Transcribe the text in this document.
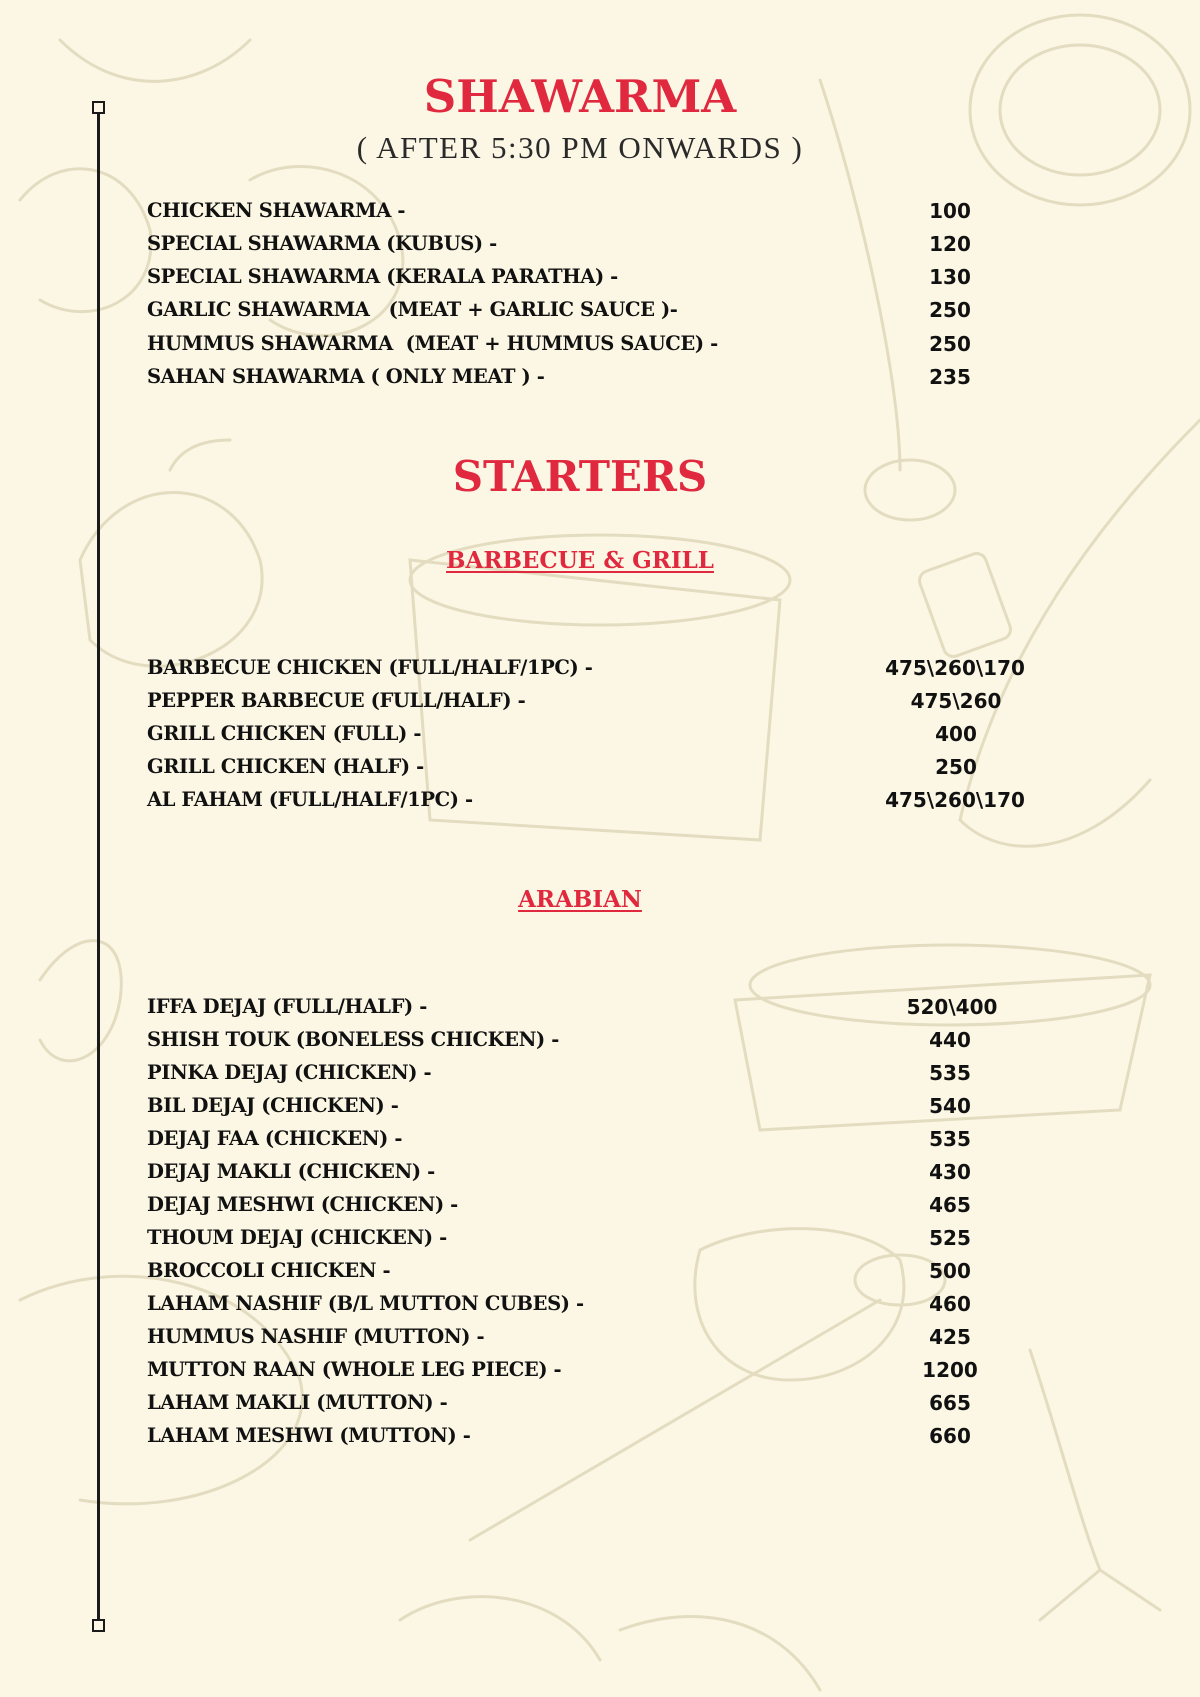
SHAWARMA
( AFTER 5:30 PM ONWARDS )
CHICKEN SHAWARMA -	100
SPECIAL SHAWARMA (KUBUS) -	120
SPECIAL SHAWARMA (KERALA PARATHA) -	130
GARLIC SHAWARMA   (MEAT + GARLIC SAUCE )-	250
HUMMUS SHAWARMA  (MEAT + HUMMUS SAUCE) -	250
SAHAN SHAWARMA ( ONLY MEAT ) -	235
STARTERS
BARBECUE & GRILL
BARBECUE CHICKEN (FULL/HALF/1PC) -	475\260\170
PEPPER BARBECUE (FULL/HALF) -	475\260
GRILL CHICKEN (FULL) -	400
GRILL CHICKEN (HALF) -	250
AL FAHAM (FULL/HALF/1PC) -	475\260\170
ARABIAN
IFFA DEJAJ (FULL/HALF) -	520\400
SHISH TOUK (BONELESS CHICKEN) -	440
PINKA DEJAJ (CHICKEN) -	535
BIL DEJAJ (CHICKEN) -	540
DEJAJ FAA (CHICKEN) -	535
DEJAJ MAKLI (CHICKEN) -	430
DEJAJ MESHWI (CHICKEN) -	465
THOUM DEJAJ (CHICKEN) -	525
BROCCOLI CHICKEN -	500
LAHAM NASHIF (B/L MUTTON CUBES) -	460
HUMMUS NASHIF (MUTTON) -	425
MUTTON RAAN (WHOLE LEG PIECE) -	1200
LAHAM MAKLI (MUTTON) -	665
LAHAM MESHWI (MUTTON) -	660
